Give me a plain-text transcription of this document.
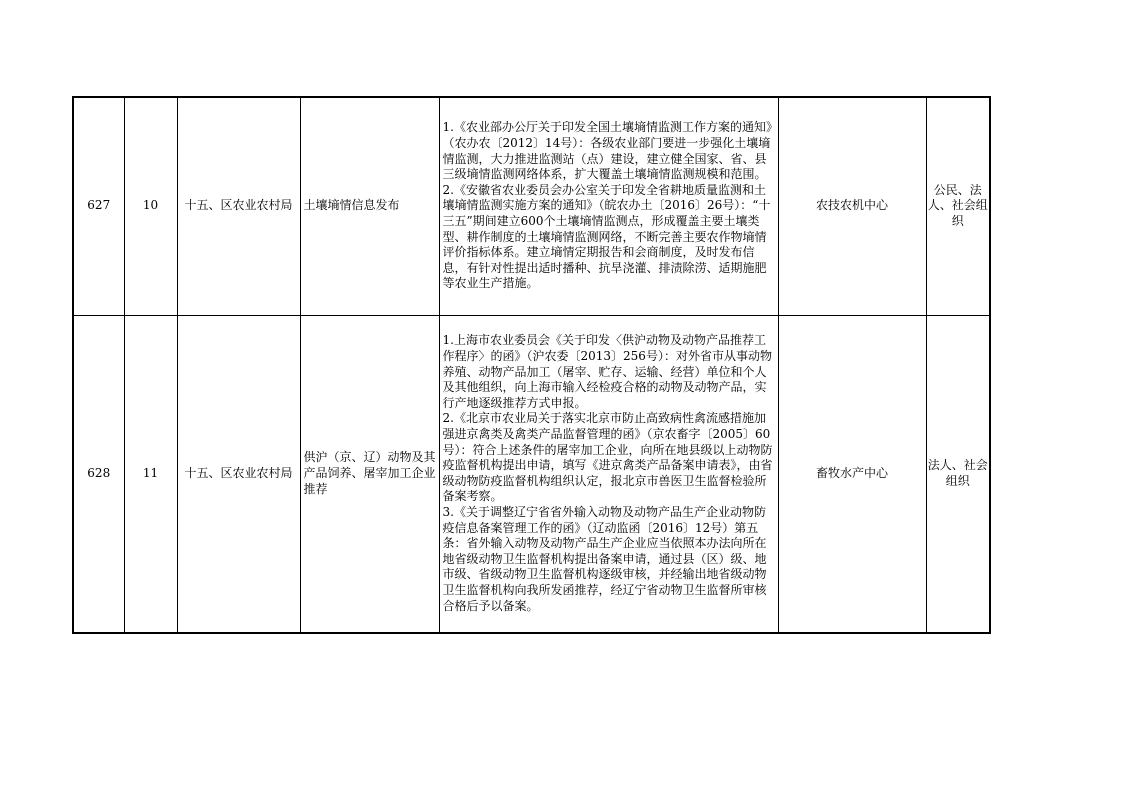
627	10	十五、区农业农村局	土壤墒情信息发布	1.《农业部办公厅关于印发全国土壤墒情监测工作方案的通知》（农办农〔2012〕14号）：各级农业部门要进一步强化土壤墒情监测，大力推进监测站（点）建设，建立健全国家、省、县三级墒情监测网络体系，扩大覆盖土壤墒情监测规模和范围。
2.《安徽省农业委员会办公室关于印发全省耕地质量监测和土壤墒情监测实施方案的通知》（皖农办土〔2016〕26号）：“十三五”期间建立600个土壤墒情监测点，形成覆盖主要土壤类型、耕作制度的土壤墒情监测网络，不断完善主要农作物墒情评价指标体系。建立墒情定期报告和会商制度，及时发布信息，有针对性提出适时播种、抗旱浇灌、排渍除涝、适期施肥等农业生产措施。	农技农机中心	公民、法人、社会组织
628	11	十五、区农业农村局	供沪（京、辽）动物及其产品饲养、屠宰加工企业推荐	1.上海市农业委员会《关于印发〈供沪动物及动物产品推荐工作程序〉的函》（沪农委〔2013〕256号）：对外省市从事动物养殖、动物产品加工（屠宰、贮存、运输、经营）单位和个人及其他组织，向上海市输入经检疫合格的动物及动物产品，实行产地逐级推荐方式申报。
2.《北京市农业局关于落实北京市防止高致病性禽流感措施加强进京禽类及禽类产品监督管理的函》（京农畜字〔2005〕60号）：符合上述条件的屠宰加工企业，向所在地县级以上动物防疫监督机构提出申请，填写《进京禽类产品备案申请表》，由省级动物防疫监督机构组织认定，报北京市兽医卫生监督检验所备案考察。
3.《关于调整辽宁省省外输入动物及动物产品生产企业动物防疫信息备案管理工作的函》（辽动监函〔2016〕12号）第五条：省外输入动物及动物产品生产企业应当依照本办法向所在地省级动物卫生监督机构提出备案申请，通过县（区）级、地市级、省级动物卫生监督机构逐级审核，并经输出地省级动物卫生监督机构向我所发函推荐，经辽宁省动物卫生监督所审核合格后予以备案。	畜牧水产中心	法人、社会组织
